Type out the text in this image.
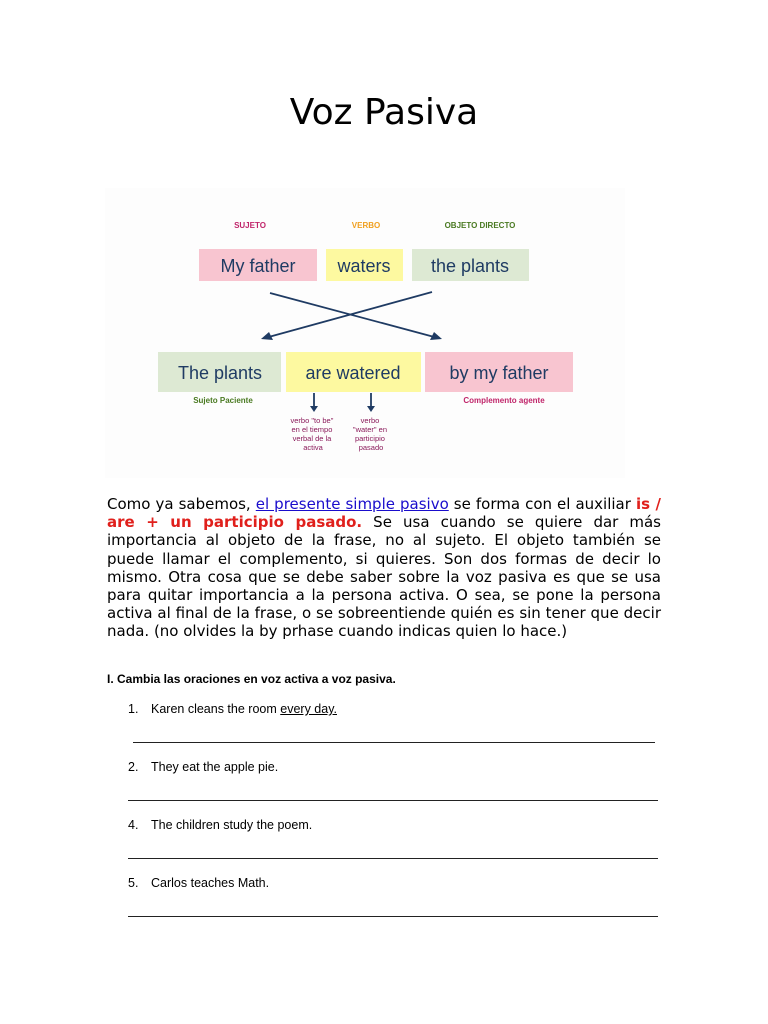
Voz Pasiva
SUJETO	VERBO	OBJETO DIRECTO
My father waters the plants
The plants are watered	by my father
Sujeto Paciente	Complemento agente
verbo "to be" en el tiempo verbal de la activa
verbo "water" en participio pasado

Como ya sabemos, el presente simple pasivo se forma con el auxiliar is / are + un participio pasado. Se usa cuando se quiere dar más importancia al objeto de la frase, no al sujeto. El objeto también se puede llamar el complemento, si quieres. Son dos formas de decir lo mismo. Otra cosa que se debe saber sobre la voz pasiva es que se usa para quitar importancia a la persona activa. O sea, se pone la persona activa al final de la frase, o se sobreentiende quién es sin tener que decir nada. (no olvides la by prhase cuando indicas quien lo hace.)

I. Cambia las oraciones en voz activa a voz pasiva.

1. Karen cleans the room every day.
2. They eat the apple pie.
4. The children study the poem.
5. Carlos teaches Math.
